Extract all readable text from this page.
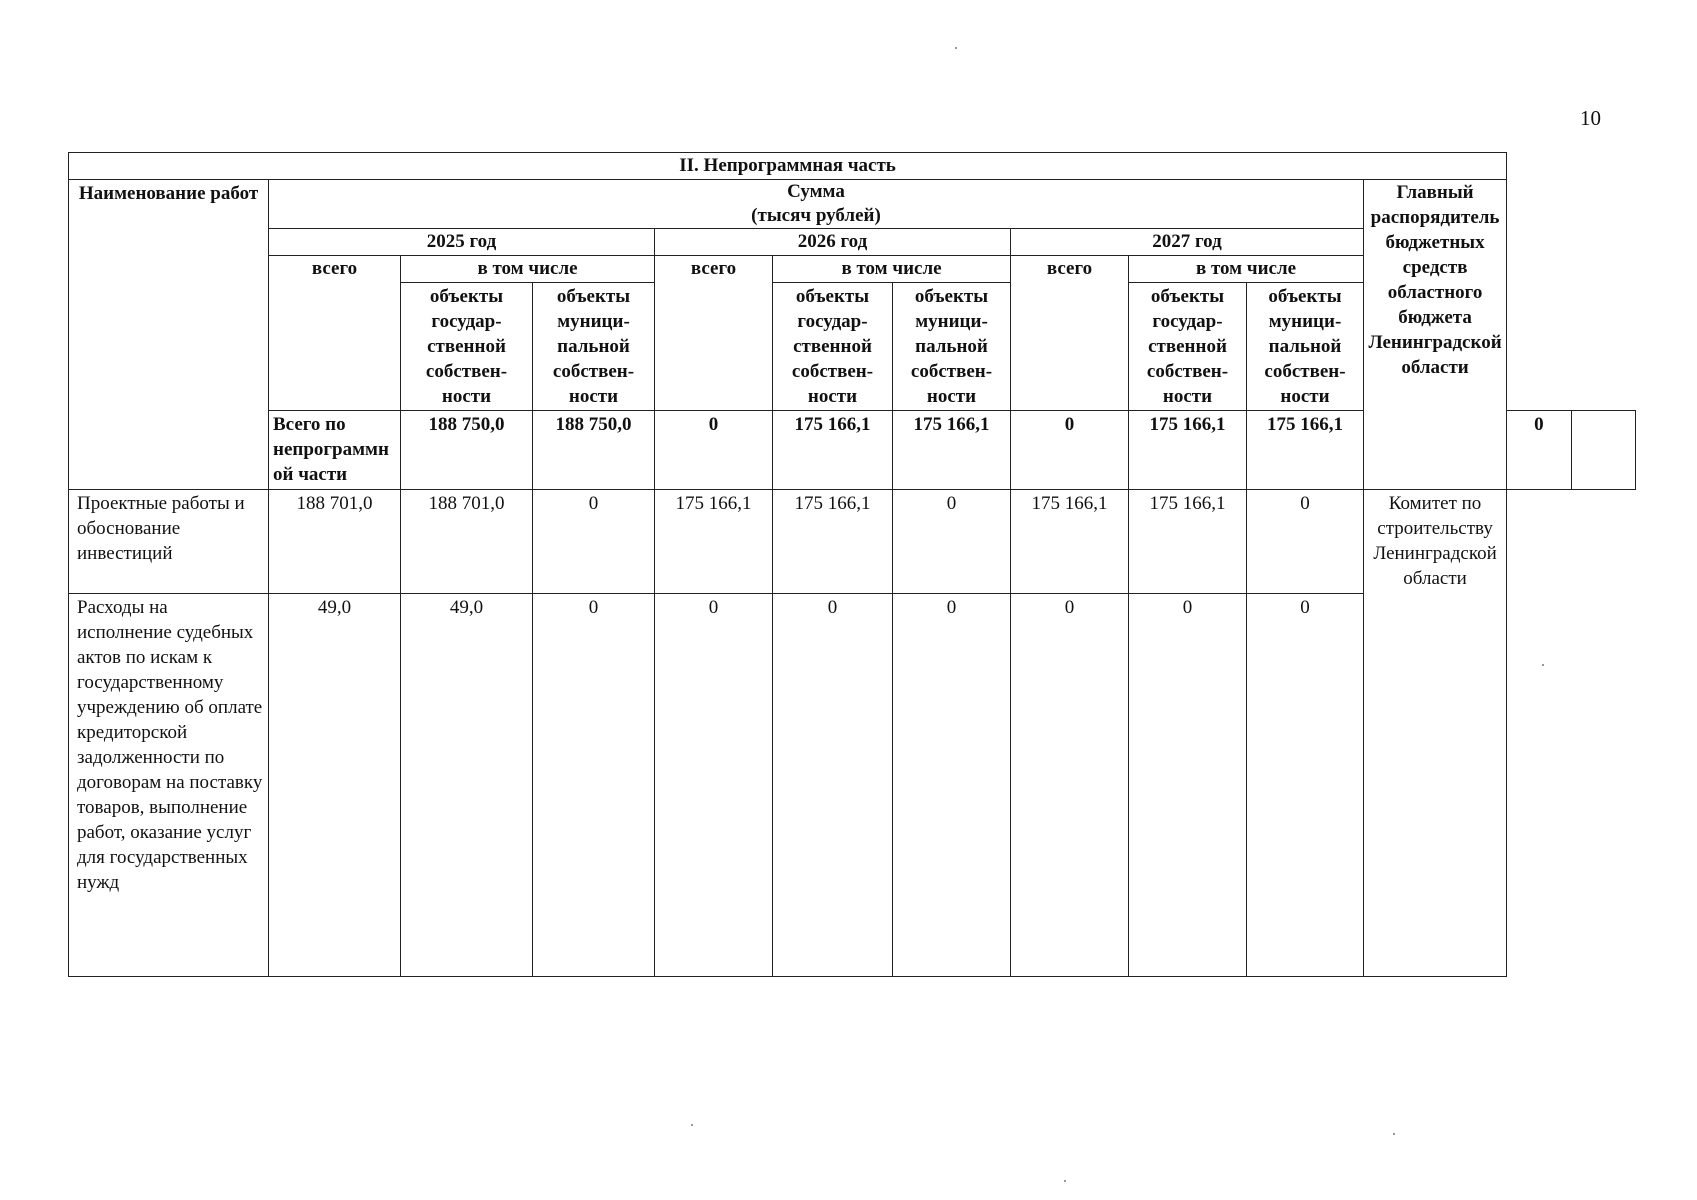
10
II. Непрограммная часть												
Наименование работ	Сумма
(тысяч рублей)									Главный распорядитель бюджетных средств областного бюджета Ленинградской области		
	2025 год			2026 год			2027 год					
	всего	в том числе		всего	в том числе		всего	в том числе				
		объекты государ- ственной собствен- ности	объекты муници- пальной собствен- ности		объекты государ- ственной собствен- ности	объекты муници- пальной собствен- ности		объекты государ- ственной собствен- ности	объекты муници- пальной собствен- ности			
	Всего по непрограммной части	188 750,0	188 750,0	0	175 166,1	175 166,1	0	175 166,1	175 166,1		0	
Проектные работы и обоснование инвестиций	188 701,0	188 701,0	0	175 166,1	175 166,1	0	175 166,1	175 166,1	0	Комитет по строительству Ленинградской области		
Расходы на исполнение судебных актов по искам к государственному учреждению об оплате кредиторской задолженности по договорам на поставку товаров, выполнение работ, оказание услуг для государственных нужд	49,0	49,0	0	0	0	0	0	0	0			
